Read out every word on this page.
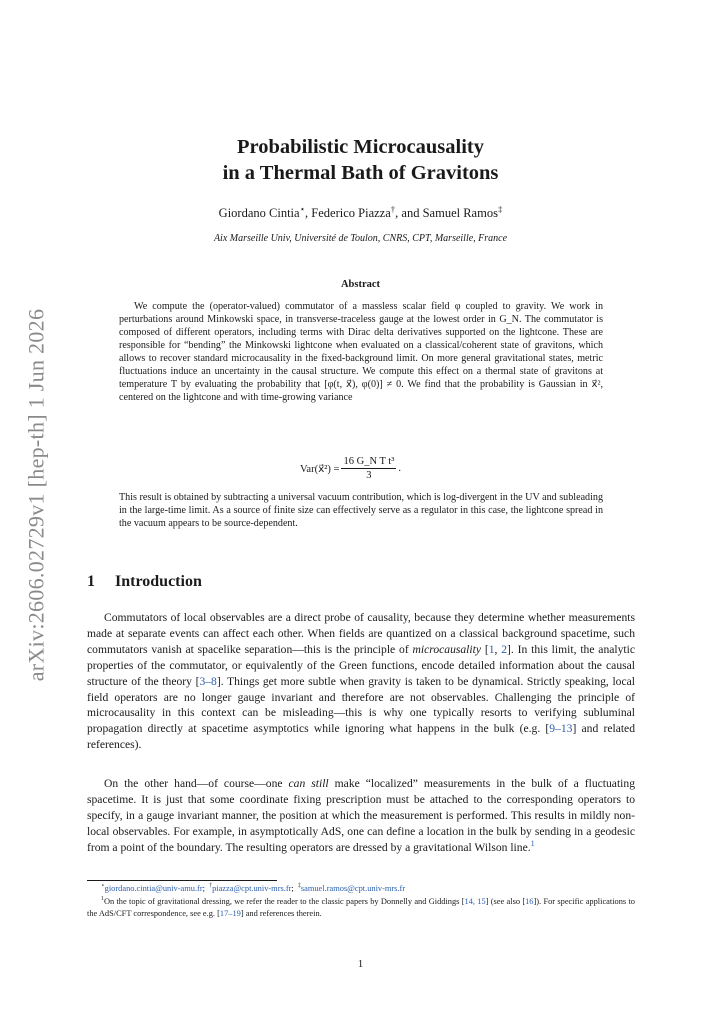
arXiv:2606.02729v1 [hep-th] 1 Jun 2026
Probabilistic Microcausality
in a Thermal Bath of Gravitons
Giordano Cintia⋆, Federico Piazza†, and Samuel Ramos‡
Aix Marseille Univ, Université de Toulon, CNRS, CPT, Marseille, France
Abstract

We compute the (operator-valued) commutator of a massless scalar field φ coupled to gravity. We work in perturbations around Minkowski space, in transverse-traceless gauge at the lowest order in G_N. The commutator is composed of different operators, including terms with Dirac delta derivatives supported on the lightcone. These are responsible for “bending” the Minkowski lightcone when evaluated on a classical/coherent state of gravitons, which allows to recover standard microcausality in the fixed-background limit. On more general gravitational states, metric fluctuations induce an uncertainty in the causal structure. We compute this effect on a thermal state of gravitons at temperature T by evaluating the probability that [φ(t, x⃗), φ(0)] ≠ 0. We find that the probability is Gaussian in x⃗², centered on the lightcone and with time-growing variance

Var(x⃗²) = $\frac{\text{16 G\_N T t³}}{3}$ .

This result is obtained by subtracting a universal vacuum contribution, which is log-divergent in the UV and subleading in the large-time limit. As a source of finite size can effectively serve as a regulator in this case, the lightcone spread in the vacuum appears to be source-dependent.

1 Introduction

Commutators of local observables are a direct probe of causality, because they determine whether measurements made at separate events can affect each other. When fields are quantized on a classical background spacetime, such commutators vanish at spacelike separation—this is the principle of microcausality [1, 2]. In this limit, the analytic properties of the commutator, or equivalently of the Green functions, encode detailed information about the causal structure of the theory [3–8]. Things get more subtle when gravity is taken to be dynamical. Strictly speaking, local field operators are no longer gauge invariant and therefore are not observables. Challenging the principle of microcausality in this context can be misleading—this is why one typically resorts to verifying subluminal propagation directly at spacetime asymptotics while ignoring what happens in the bulk (e.g. [9–13] and related references).

On the other hand—of course—one can still make “localized” measurements in the bulk of a fluctuating spacetime. It is just that some coordinate fixing prescription must be attached to the corresponding operators to specify, in a gauge invariant manner, the position at which the measurement is performed. This results in mildly non-local observables. For example, in asymptotically AdS, one can define a location in the bulk by sending in a geodesic from a point of the boundary. The resulting operators are dressed by a gravitational Wilson line.$^1$

⋆giordano.cintia@univ-amu.fr;  †piazza@cpt.univ-mrs.fr;  ‡samuel.ramos@cpt.univ-mrs.fr

$^1$On the topic of gravitational dressing, we refer the reader to the classic papers by Donnelly and Giddings [14, 15] (see also [16]). For specific applications to the AdS/CFT correspondence, see e.g. [17–19] and references therein.

1
